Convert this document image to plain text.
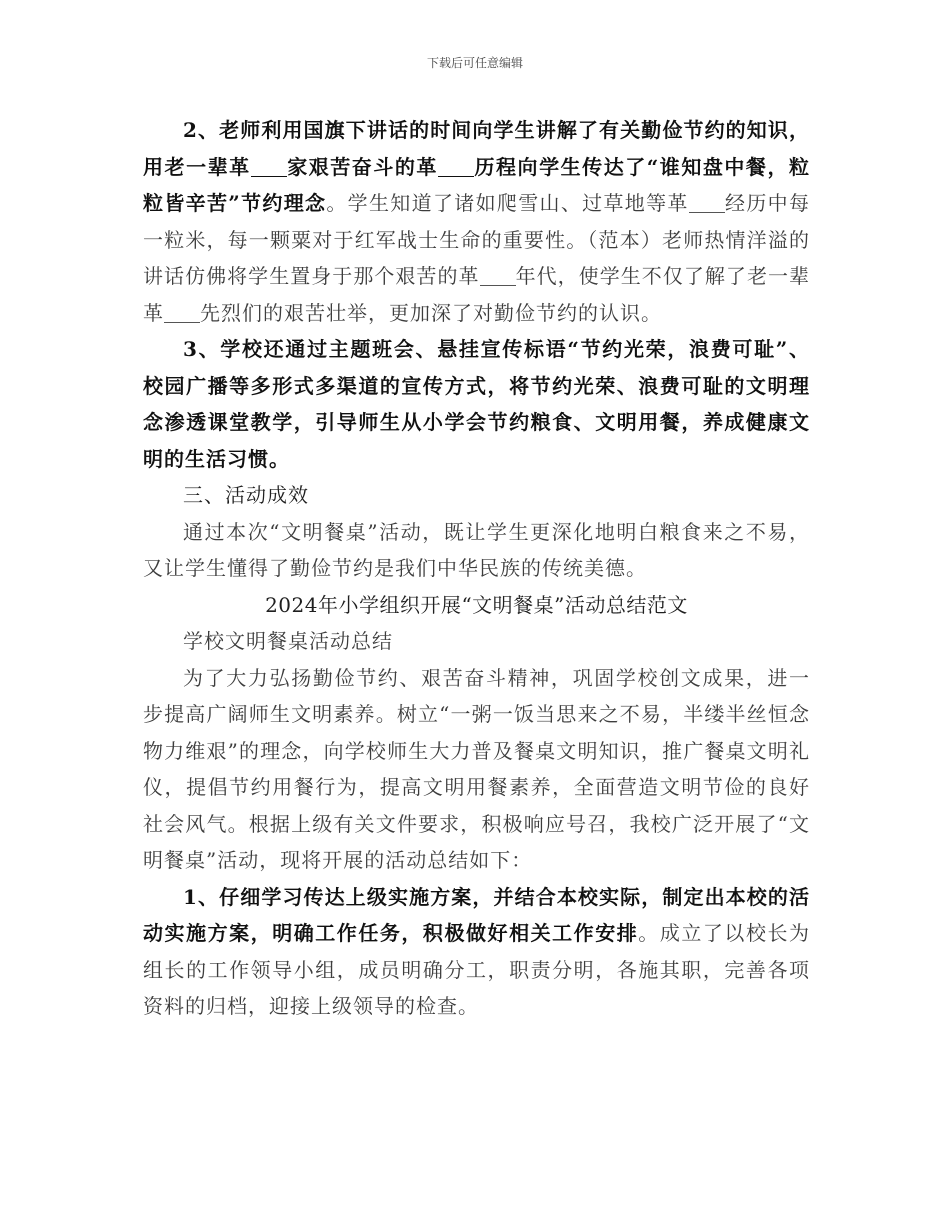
下载后可任意编辑

2、老师利用国旗下讲话的时间向学生讲解了有关勤俭节约的知识，用老一辈革 家艰苦奋斗的革 历程向学生传达了“谁知盘中餐，粒粒皆辛苦”节约理念。学生知道了诸如爬雪山、过草地等革 经历中每一粒米，每一颗粟对于红军战士生命的重要性。（范本）老师热情洋溢的讲话仿佛将学生置身于那个艰苦的革 年代，使学生不仅了解了老一辈革 先烈们的艰苦壮举，更加深了对勤俭节约的认识。

3、学校还通过主题班会、悬挂宣传标语“节约光荣，浪费可耻”、校园广播等多形式多渠道的宣传方式，将节约光荣、浪费可耻的文明理念渗透课堂教学，引导师生从小学会节约粮食、文明用餐，养成健康文明的生活习惯。

三、活动成效

通过本次“文明餐桌”活动，既让学生更深化地明白粮食来之不易，又让学生懂得了勤俭节约是我们中华民族的传统美德。

2024年小学组织开展“文明餐桌”活动总结范文

学校文明餐桌活动总结

为了大力弘扬勤俭节约、艰苦奋斗精神，巩固学校创文成果，进一步提高广阔师生文明素养。树立“一粥一饭当思来之不易，半缕半丝恒念物力维艰”的理念，向学校师生大力普及餐桌文明知识，推广餐桌文明礼仪，提倡节约用餐行为，提高文明用餐素养，全面营造文明节俭的良好社会风气。根据上级有关文件要求，积极响应号召，我校广泛开展了“文明餐桌”活动，现将开展的活动总结如下：

1、仔细学习传达上级实施方案，并结合本校实际，制定出本校的活动实施方案，明确工作任务，积极做好相关工作安排。成立了以校长为组长的工作领导小组，成员明确分工，职责分明，各施其职，完善各项资料的归档，迎接上级领导的检查。
